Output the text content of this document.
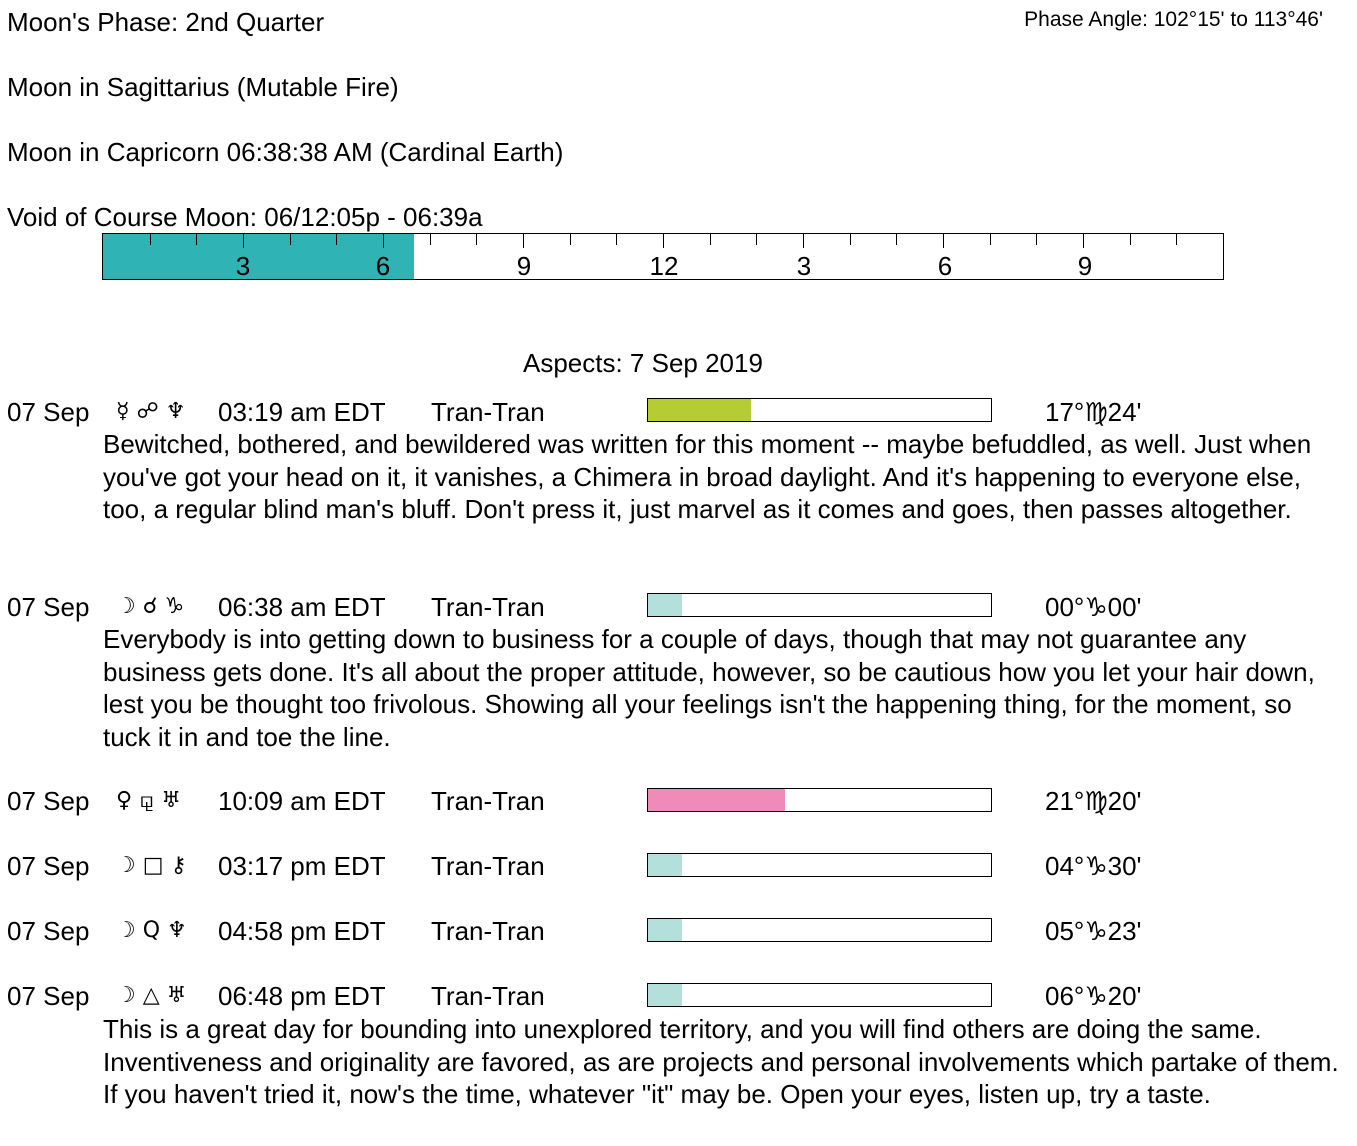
Moon's Phase: 2nd Quarter	Phase Angle: 102°15' to 113°46'
Moon in Sagittarius (Mutable Fire)
Moon in Capricorn 06:38:38 AM (Cardinal Earth)
Void of Course Moon: 06/12:05p - 06:39a
3	6	9	12	3	6	9
Aspects: 7 Sep 2019
07 Sep ☿ ☍ ♆ 03:19 am EDT Tran-Tran	17°♍24'

Bewitched, bothered, and bewildered was written for this moment -- maybe befuddled, as well. Just when you've got your head on it, it vanishes, a Chimera in broad daylight. And it's happening to everyone else, too, a regular blind man's bluff. Don't press it, just marvel as it comes and goes, then passes altogether.

07 Sep ☽ ☌ ♑ 06:38 am EDT Tran-Tran	00°♑00'

Everybody is into getting down to business for a couple of days, though that may not guarantee any business gets done. It's all about the proper attitude, however, so be cautious how you let your hair down, lest you be thought too frivolous. Showing all your feelings isn't the happening thing, for the moment, so tuck it in and toe the line.

07 Sep ♀ ⚼ ♅ 10:09 am EDT Tran-Tran	21°♍20'
07 Sep ☽ □ ⚷ 03:17 pm EDT Tran-Tran	04°♑30'
07 Sep ☽ Q ♆ 04:58 pm EDT Tran-Tran	05°♑23'
07 Sep ☽ △ ♅ 06:48 pm EDT Tran-Tran	06°♑20'

This is a great day for bounding into unexplored territory, and you will find others are doing the same. Inventiveness and originality are favored, as are projects and personal involvements which partake of them. If you haven't tried it, now's the time, whatever "it" may be. Open your eyes, listen up, try a taste.
